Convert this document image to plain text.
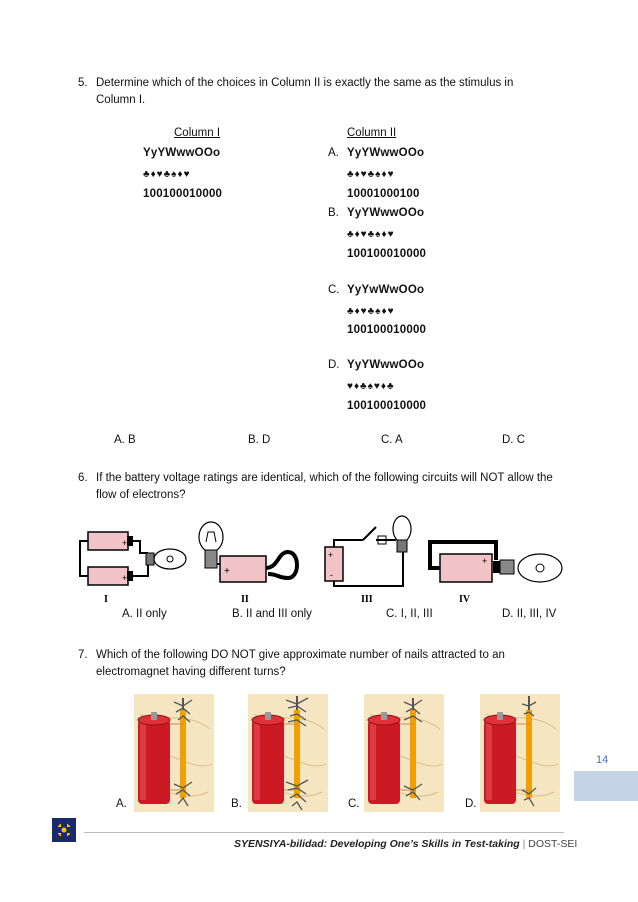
5. Determine which of the choices in Column II is exactly the same as the stimulus in Column I.
Column I	Column II
YyYWwwOOo
♣♦♥♣♠♦♥
100100010000
A. YyYWwwOOo
♣♦♥♣♠♦♥
10001000100
B. YyYWwwOOo
♣♦♥♣♠♦♥
100100010000
C. YyYwWwOOo
♣♦♥♣♠♦♥
100100010000
D. YyYWwwOOo
♥♦♣♠♥♦♣
100100010000
A. B	B. D	C. A	D. C
6. If the battery voltage ratings are identical, which of the following circuits will NOT allow the flow of electrons?
+
+
+
+
-
+
I	II	III	IV
A. II only	B. II and III only	C. I, II, III	D. II, III, IV
7. Which of the following DO NOT give approximate number of nails attracted to an electromagnet having different turns?
A.	B.	C.	D.
14
SYENSIYA-bilidad: Developing One’s Skills in Test-taking | DOST-SEI
